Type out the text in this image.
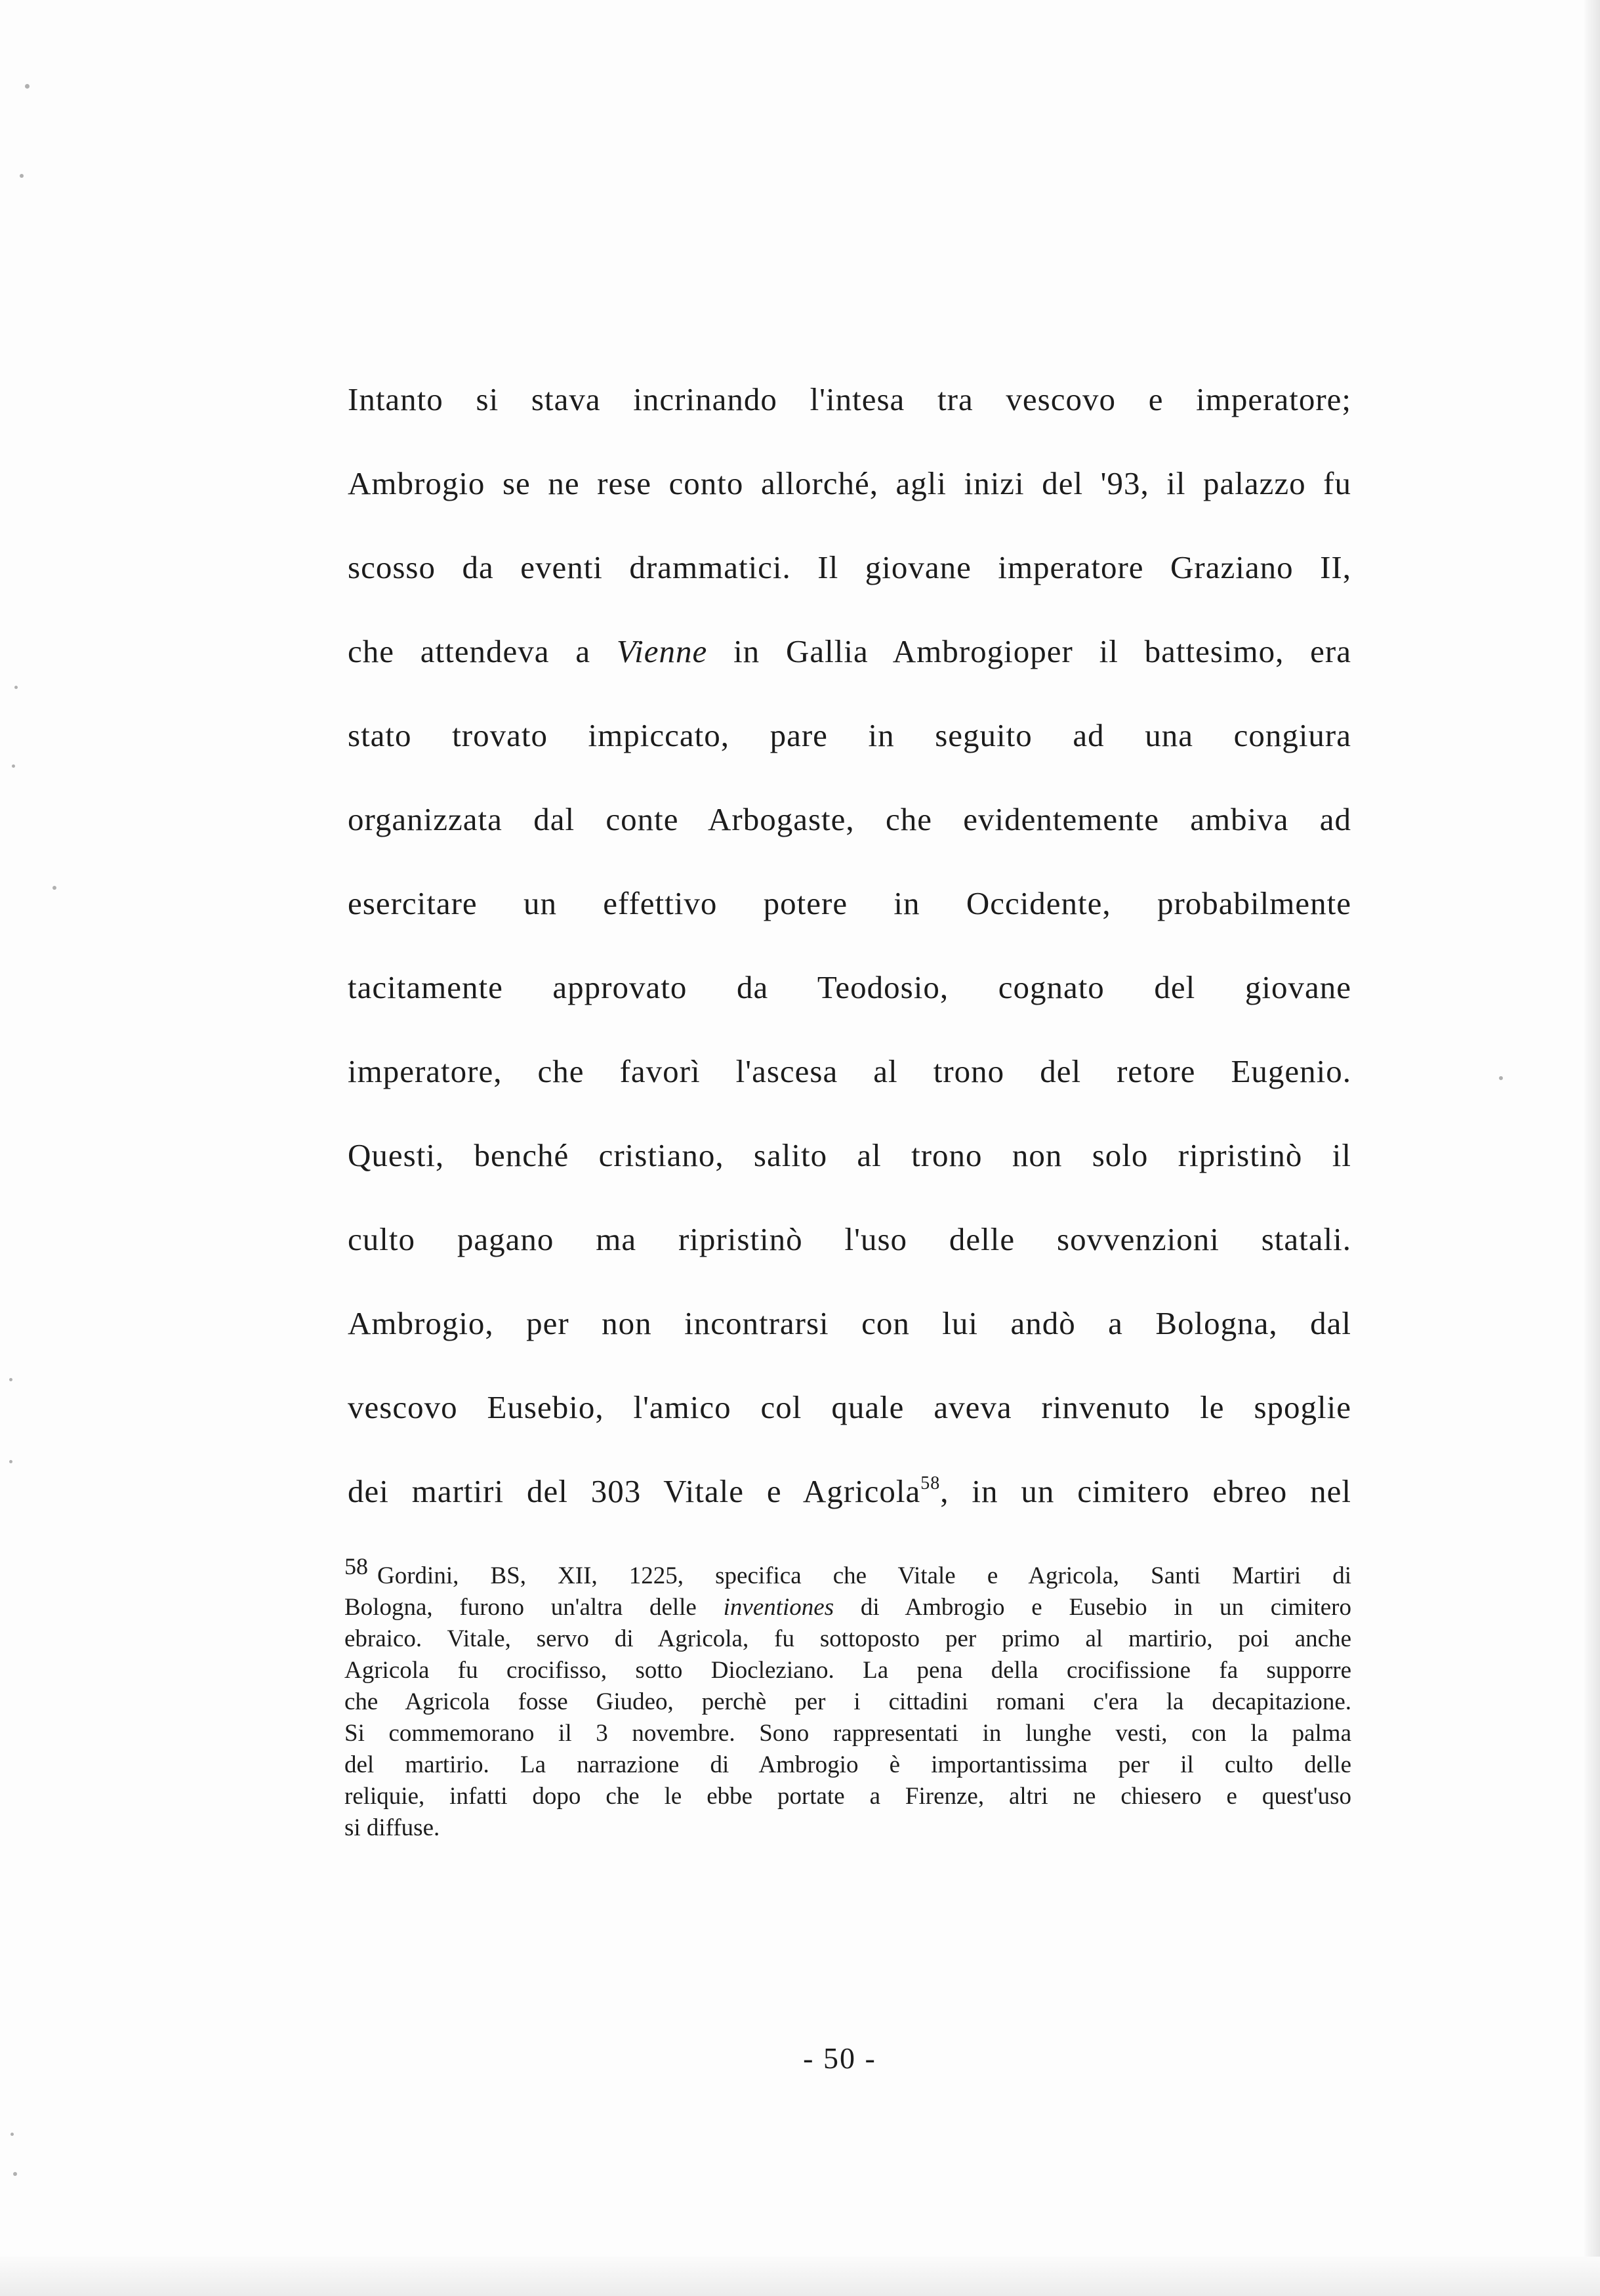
Intanto si stava incrinando l'intesa tra vescovo e imperatore;
Ambrogio se ne rese conto allorché, agli inizi del '93, il palazzo fu
scosso da eventi drammatici. Il giovane imperatore Graziano II,
che attendeva a Vienne in Gallia Ambrogioper il battesimo, era
stato trovato impiccato, pare in seguito ad una congiura
organizzata dal conte Arbogaste, che evidentemente ambiva ad
esercitare un effettivo potere in Occidente, probabilmente
tacitamente approvato da Teodosio, cognato del giovane
imperatore, che favorì l'ascesa al trono del retore Eugenio.
Questi, benché cristiano, salito al trono non solo ripristinò il
culto pagano ma ripristinò l'uso delle sovvenzioni statali.
Ambrogio, per non incontrarsi con lui andò a Bologna, dal
vescovo Eusebio, l'amico col quale aveva rinvenuto le spoglie
dei martiri del 303 Vitale e Agricola$^{58}$, in un cimitero ebreo nel
58 Gordini, BS, XII, 1225, specifica che Vitale e Agricola, Santi Martiri di
Bologna, furono un'altra delle inventiones di Ambrogio e Eusebio in un cimitero
ebraico. Vitale, servo di Agricola, fu sottoposto per primo al martirio, poi anche
Agricola fu crocifisso, sotto Diocleziano. La pena della crocifissione fa supporre
che Agricola fosse Giudeo, perchè per i cittadini romani c'era la decapitazione.
Si commemorano il 3 novembre. Sono rappresentati in lunghe vesti, con la palma
del martirio. La narrazione di Ambrogio è importantissima per il culto delle
reliquie, infatti dopo che le ebbe portate a Firenze, altri ne chiesero e quest'uso
si diffuse.
- 50 -
